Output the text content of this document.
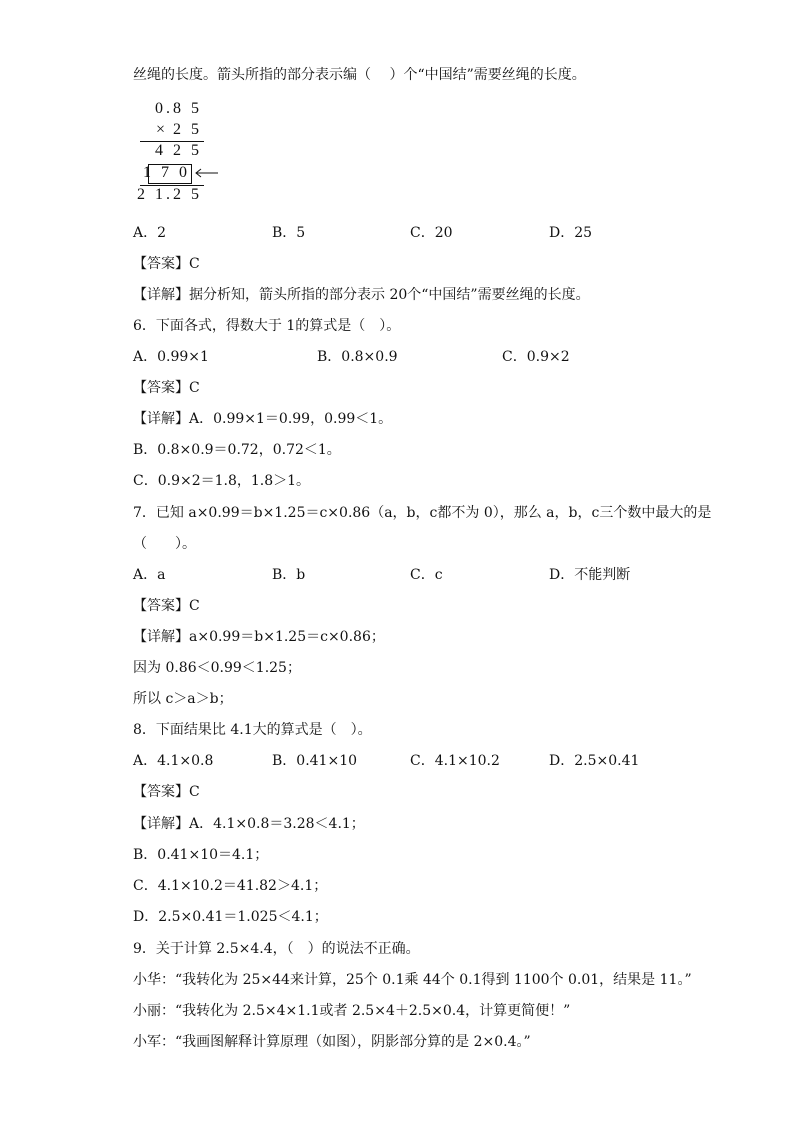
丝绳的长度。箭头所指的部分表示编（　 ）个“中国结”需要丝绳的长度。
0.8 5
× 2 5
4 2 5
1 7 0
2 1.2 5
A．2	B．5	C．20	D．25
【答案】C
【详解】据分析知，箭头所指的部分表示 20个“中国结”需要丝绳的长度。
6．下面各式，得数大于 1的算式是（　）。
A．0.99×1	B．0.8×0.9	C．0.9×2
【答案】C
【详解】A．0.99×1＝0.99，0.99＜1。
B．0.8×0.9＝0.72，0.72＜1。
C．0.9×2＝1.8，1.8＞1。
7．已知 a×0.99＝b×1.25＝c×0.86（a，b，c都不为 0），那么 a，b，c三个数中最大的是
（　　）。
A．a	B．b	C．c	D．不能判断
【答案】C
【详解】a×0.99＝b×1.25＝c×0.86；
因为 0.86＜0.99＜1.25；
所以 c＞a＞b；
8．下面结果比 4.1大的算式是（　）。
A．4.1×0.8	B．0.41×10	C．4.1×10.2	D．2.5×0.41
【答案】C
【详解】A．4.1×0.8＝3.28＜4.1；
B．0.41×10＝4.1；
C．4.1×10.2＝41.82＞4.1；
D．2.5×0.41＝1.025＜4.1；
9．关于计算 2.5×4.4，（　）的说法不正确。
小华：“我转化为 25×44来计算，25个 0.1乘 44个 0.1得到 1100个 0.01，结果是 11。”
小丽：“我转化为 2.5×4×1.1或者 2.5×4＋2.5×0.4，计算更简便！”
小军：“我画图解释计算原理（如图），阴影部分算的是 2×0.4。”
